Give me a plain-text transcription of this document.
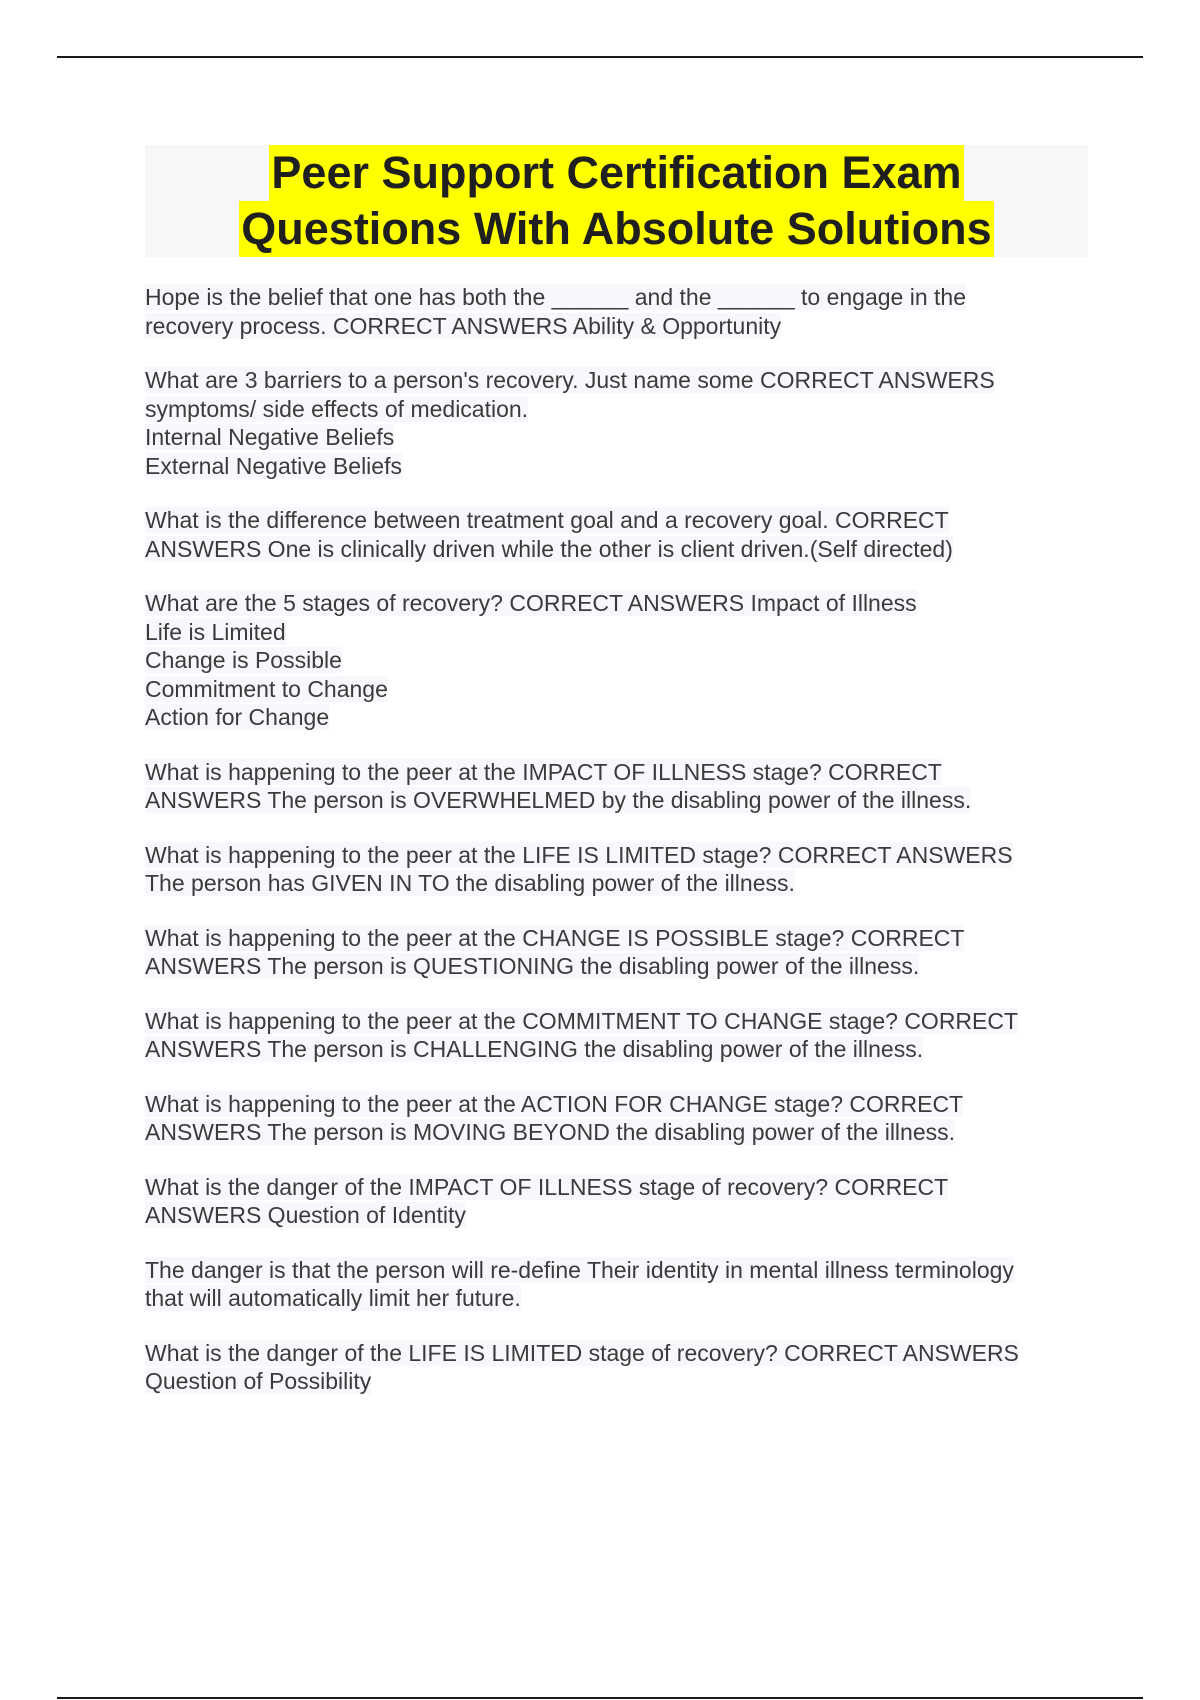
Peer Support Certification Exam
Questions With Absolute Solutions
Hope is the belief that one has both the ______ and the ______ to engage in the
recovery process. CORRECT ANSWERS Ability & Opportunity
What are 3 barriers to a person's recovery. Just name some CORRECT ANSWERS
symptoms/ side effects of medication.
Internal Negative Beliefs
External Negative Beliefs
What is the difference between treatment goal and a recovery goal. CORRECT
ANSWERS One is clinically driven while the other is client driven.(Self directed)
What are the 5 stages of recovery? CORRECT ANSWERS Impact of Illness
Life is Limited
Change is Possible
Commitment to Change
Action for Change
What is happening to the peer at the IMPACT OF ILLNESS stage? CORRECT
ANSWERS The person is OVERWHELMED by the disabling power of the illness.
What is happening to the peer at the LIFE IS LIMITED stage? CORRECT ANSWERS
The person has GIVEN IN TO the disabling power of the illness.
What is happening to the peer at the CHANGE IS POSSIBLE stage? CORRECT
ANSWERS The person is QUESTIONING the disabling power of the illness.
What is happening to the peer at the COMMITMENT TO CHANGE stage? CORRECT
ANSWERS The person is CHALLENGING the disabling power of the illness.
What is happening to the peer at the ACTION FOR CHANGE stage? CORRECT
ANSWERS The person is MOVING BEYOND the disabling power of the illness.
What is the danger of the IMPACT OF ILLNESS stage of recovery? CORRECT
ANSWERS Question of Identity
The danger is that the person will re-define Their identity in mental illness terminology
that will automatically limit her future.
What is the danger of the LIFE IS LIMITED stage of recovery? CORRECT ANSWERS
Question of Possibility
